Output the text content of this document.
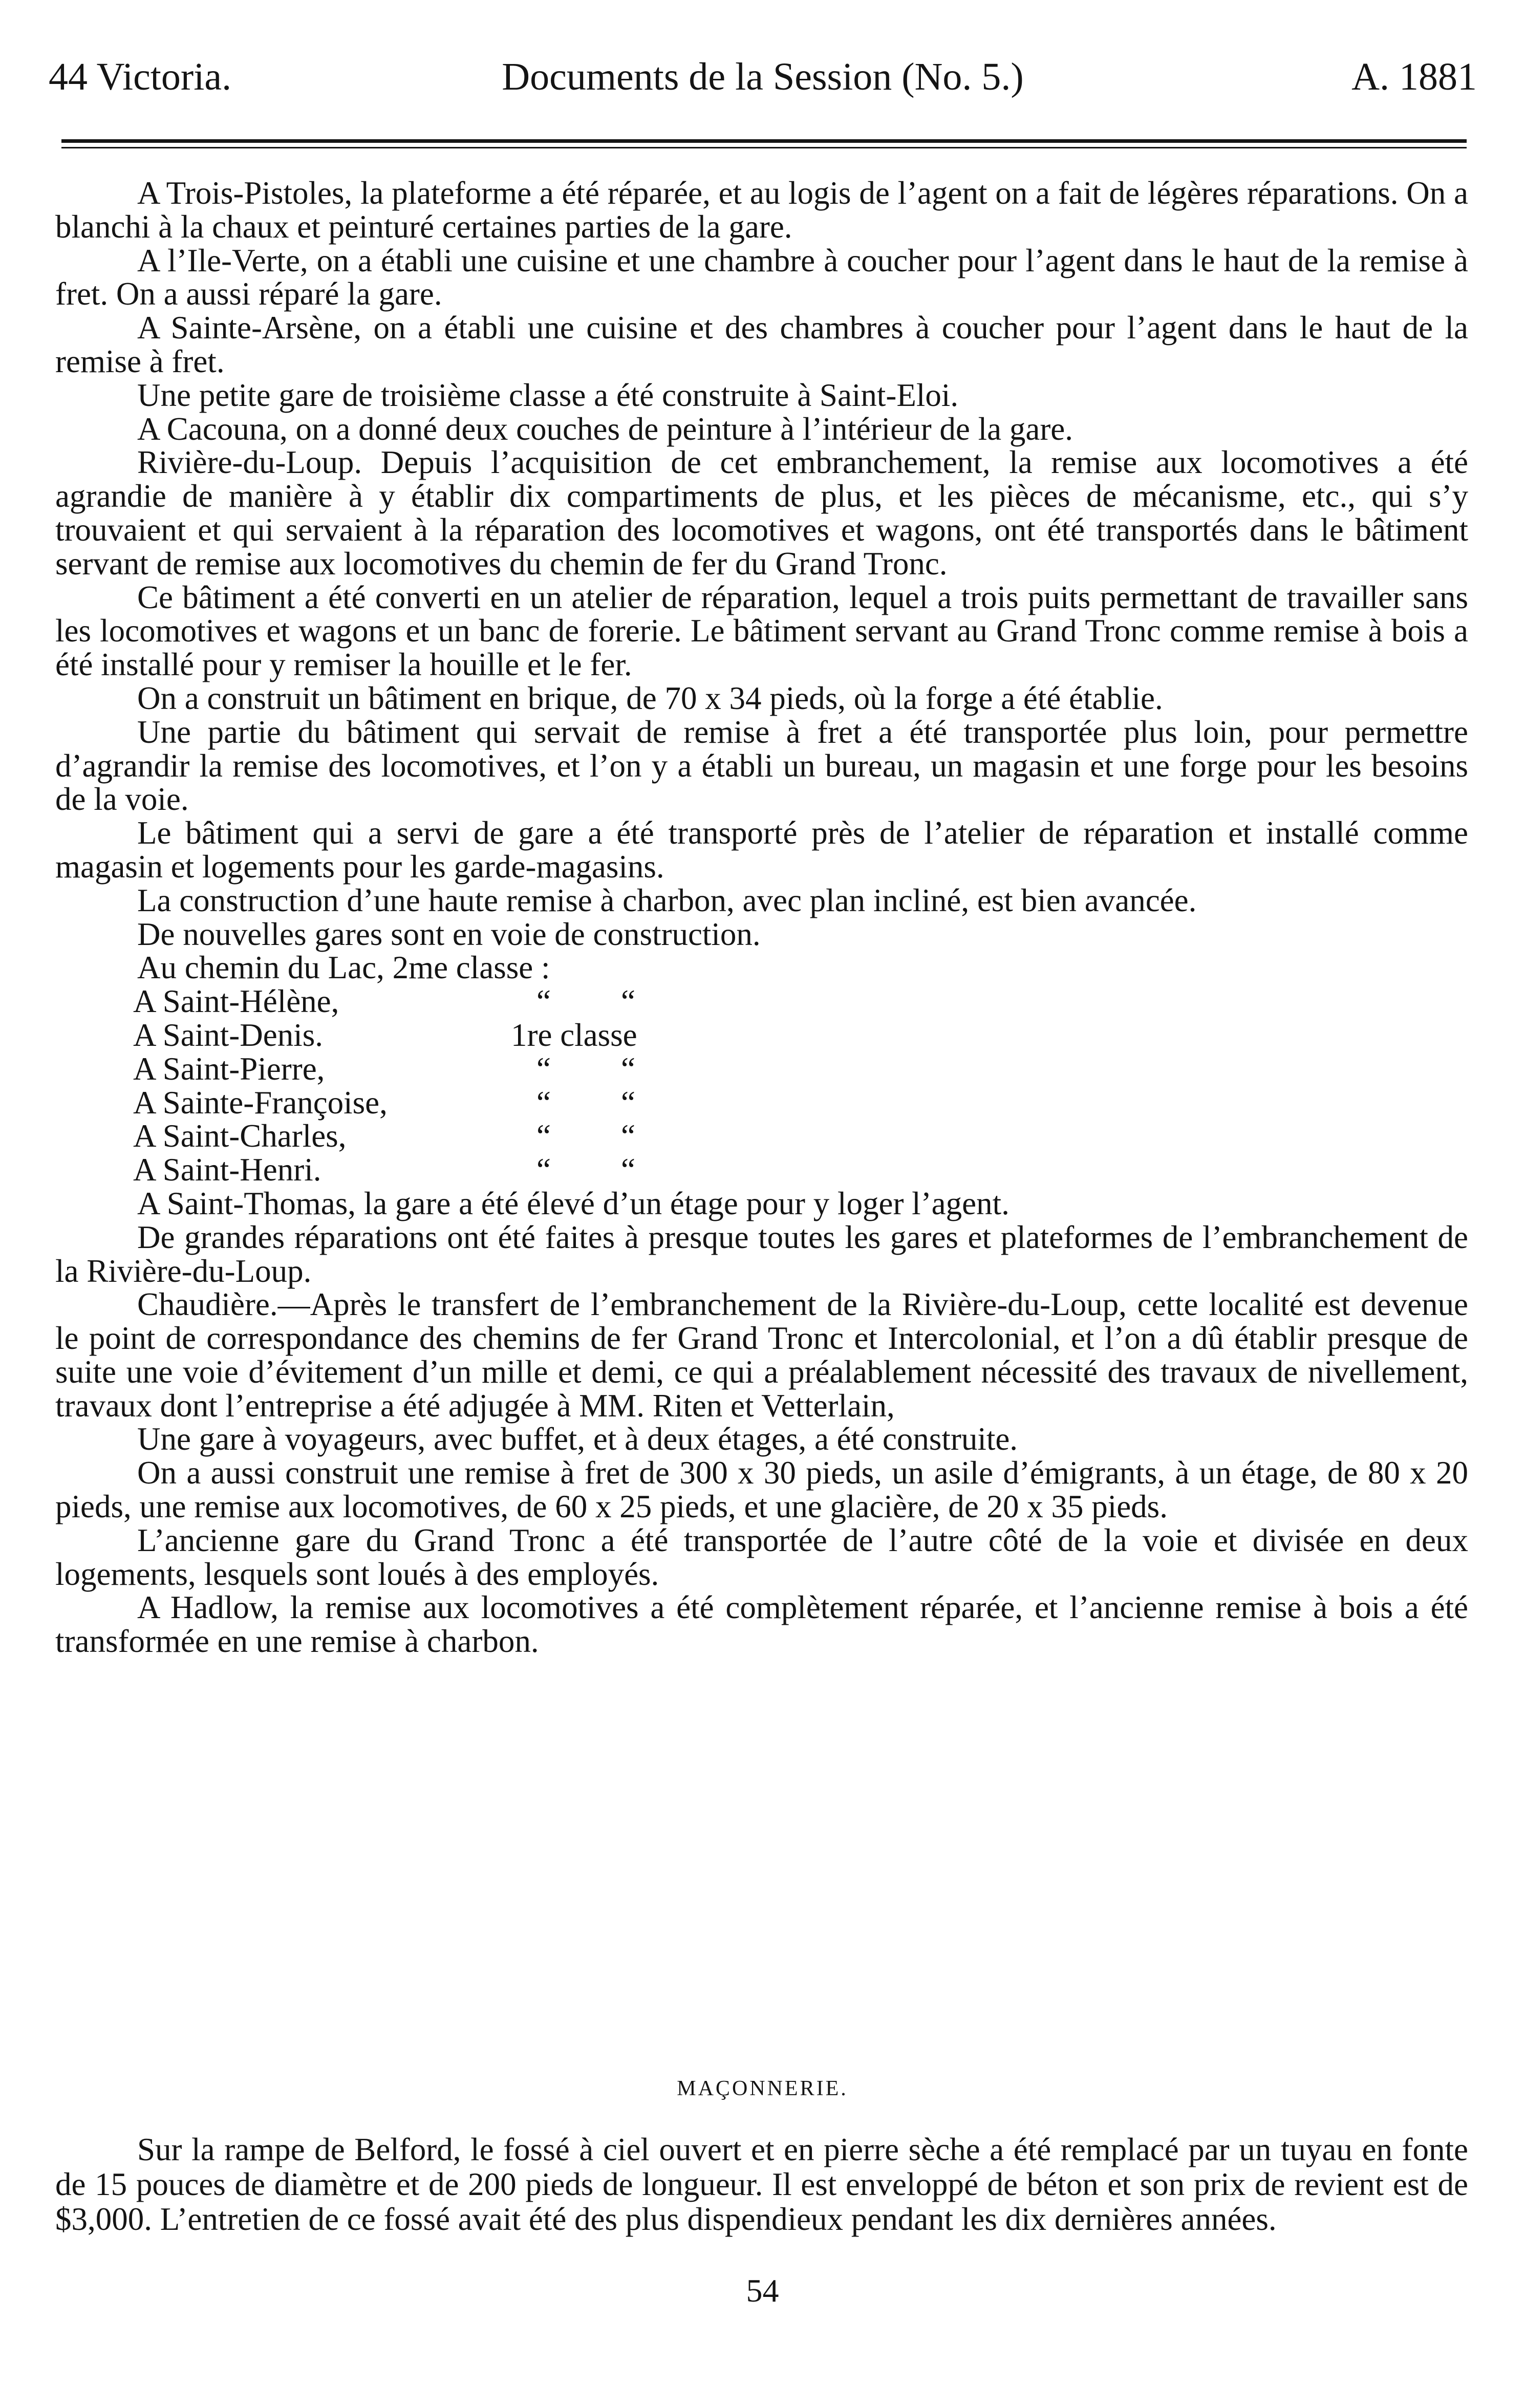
44 Victoria.	Documents de la Session (No. 5.)	A. 1881

A Trois-Pistoles, la plateforme a été réparée, et au logis de l’agent on a fait de légères réparations. On a blanchi à la chaux et peinturé certaines parties de la gare.

A l’Ile-Verte, on a établi une cuisine et une chambre à coucher pour l’agent dans le haut de la remise à fret. On a aussi réparé la gare.

A Sainte-Arsène, on a établi une cuisine et des chambres à coucher pour l’agent dans le haut de la remise à fret.

Une petite gare de troisième classe a été construite à Saint-Eloi.

A Cacouna, on a donné deux couches de peinture à l’intérieur de la gare.

Rivière-du-Loup. Depuis l’acquisition de cet embranchement, la remise aux locomotives a été agrandie de manière à y établir dix compartiments de plus, et les pièces de mécanisme, etc., qui s’y trouvaient et qui servaient à la réparation des locomotives et wagons, ont été transportés dans le bâtiment servant de remise aux locomotives du chemin de fer du Grand Tronc.

Ce bâtiment a été converti en un atelier de réparation, lequel a trois puits permettant de travailler sans les locomotives et wagons et un banc de forerie. Le bâtiment servant au Grand Tronc comme remise à bois a été installé pour y remiser la houille et le fer.

On a construit un bâtiment en brique, de 70 x 34 pieds, où la forge a été établie.

Une partie du bâtiment qui servait de remise à fret a été transportée plus loin, pour permettre d’agrandir la remise des locomotives, et l’on y a établi un bureau, un magasin et une forge pour les besoins de la voie.

Le bâtiment qui a servi de gare a été transporté près de l’atelier de réparation et installé comme magasin et logements pour les garde-magasins.

La construction d’une haute remise à charbon, avec plan incliné, est bien avancée.

De nouvelles gares sont en voie de construction.

Au chemin du Lac, 2me classe :
A Saint-Hélène,	“ “
A Saint-Denis.	1re classe
A Saint-Pierre,	“ “
A Sainte-Françoise,	“ “
A Saint-Charles,	“ “
A Saint-Henri.	“ “

A Saint-Thomas, la gare a été élevé d’un étage pour y loger l’agent.

De grandes réparations ont été faites à presque toutes les gares et plateformes de l’embranchement de la Rivière-du-Loup.

Chaudière.—Après le transfert de l’embranchement de la Rivière-du-Loup, cette localité est devenue le point de correspondance des chemins de fer Grand Tronc et Intercolonial, et l’on a dû établir presque de suite une voie d’évitement d’un mille et demi, ce qui a préalablement nécessité des travaux de nivellement, travaux dont l’entreprise a été adjugée à MM. Riten et Vetterlain,

Une gare à voyageurs, avec buffet, et à deux étages, a été construite.

On a aussi construit une remise à fret de 300 x 30 pieds, un asile d’émigrants, à un étage, de 80 x 20 pieds, une remise aux locomotives, de 60 x 25 pieds, et une glacière, de 20 x 35 pieds.

L’ancienne gare du Grand Tronc a été transportée de l’autre côté de la voie et divisée en deux logements, lesquels sont loués à des employés.

A Hadlow, la remise aux locomotives a été complètement réparée, et l’ancienne remise à bois a été transformée en une remise à charbon.

MAÇONNERIE.

Sur la rampe de Belford, le fossé à ciel ouvert et en pierre sèche a été remplacé par un tuyau en fonte de 15 pouces de diamètre et de 200 pieds de longueur. Il est enveloppé de béton et son prix de revient est de $3,000. L’entretien de ce fossé avait été des plus dispendieux pendant les dix dernières années.

54
